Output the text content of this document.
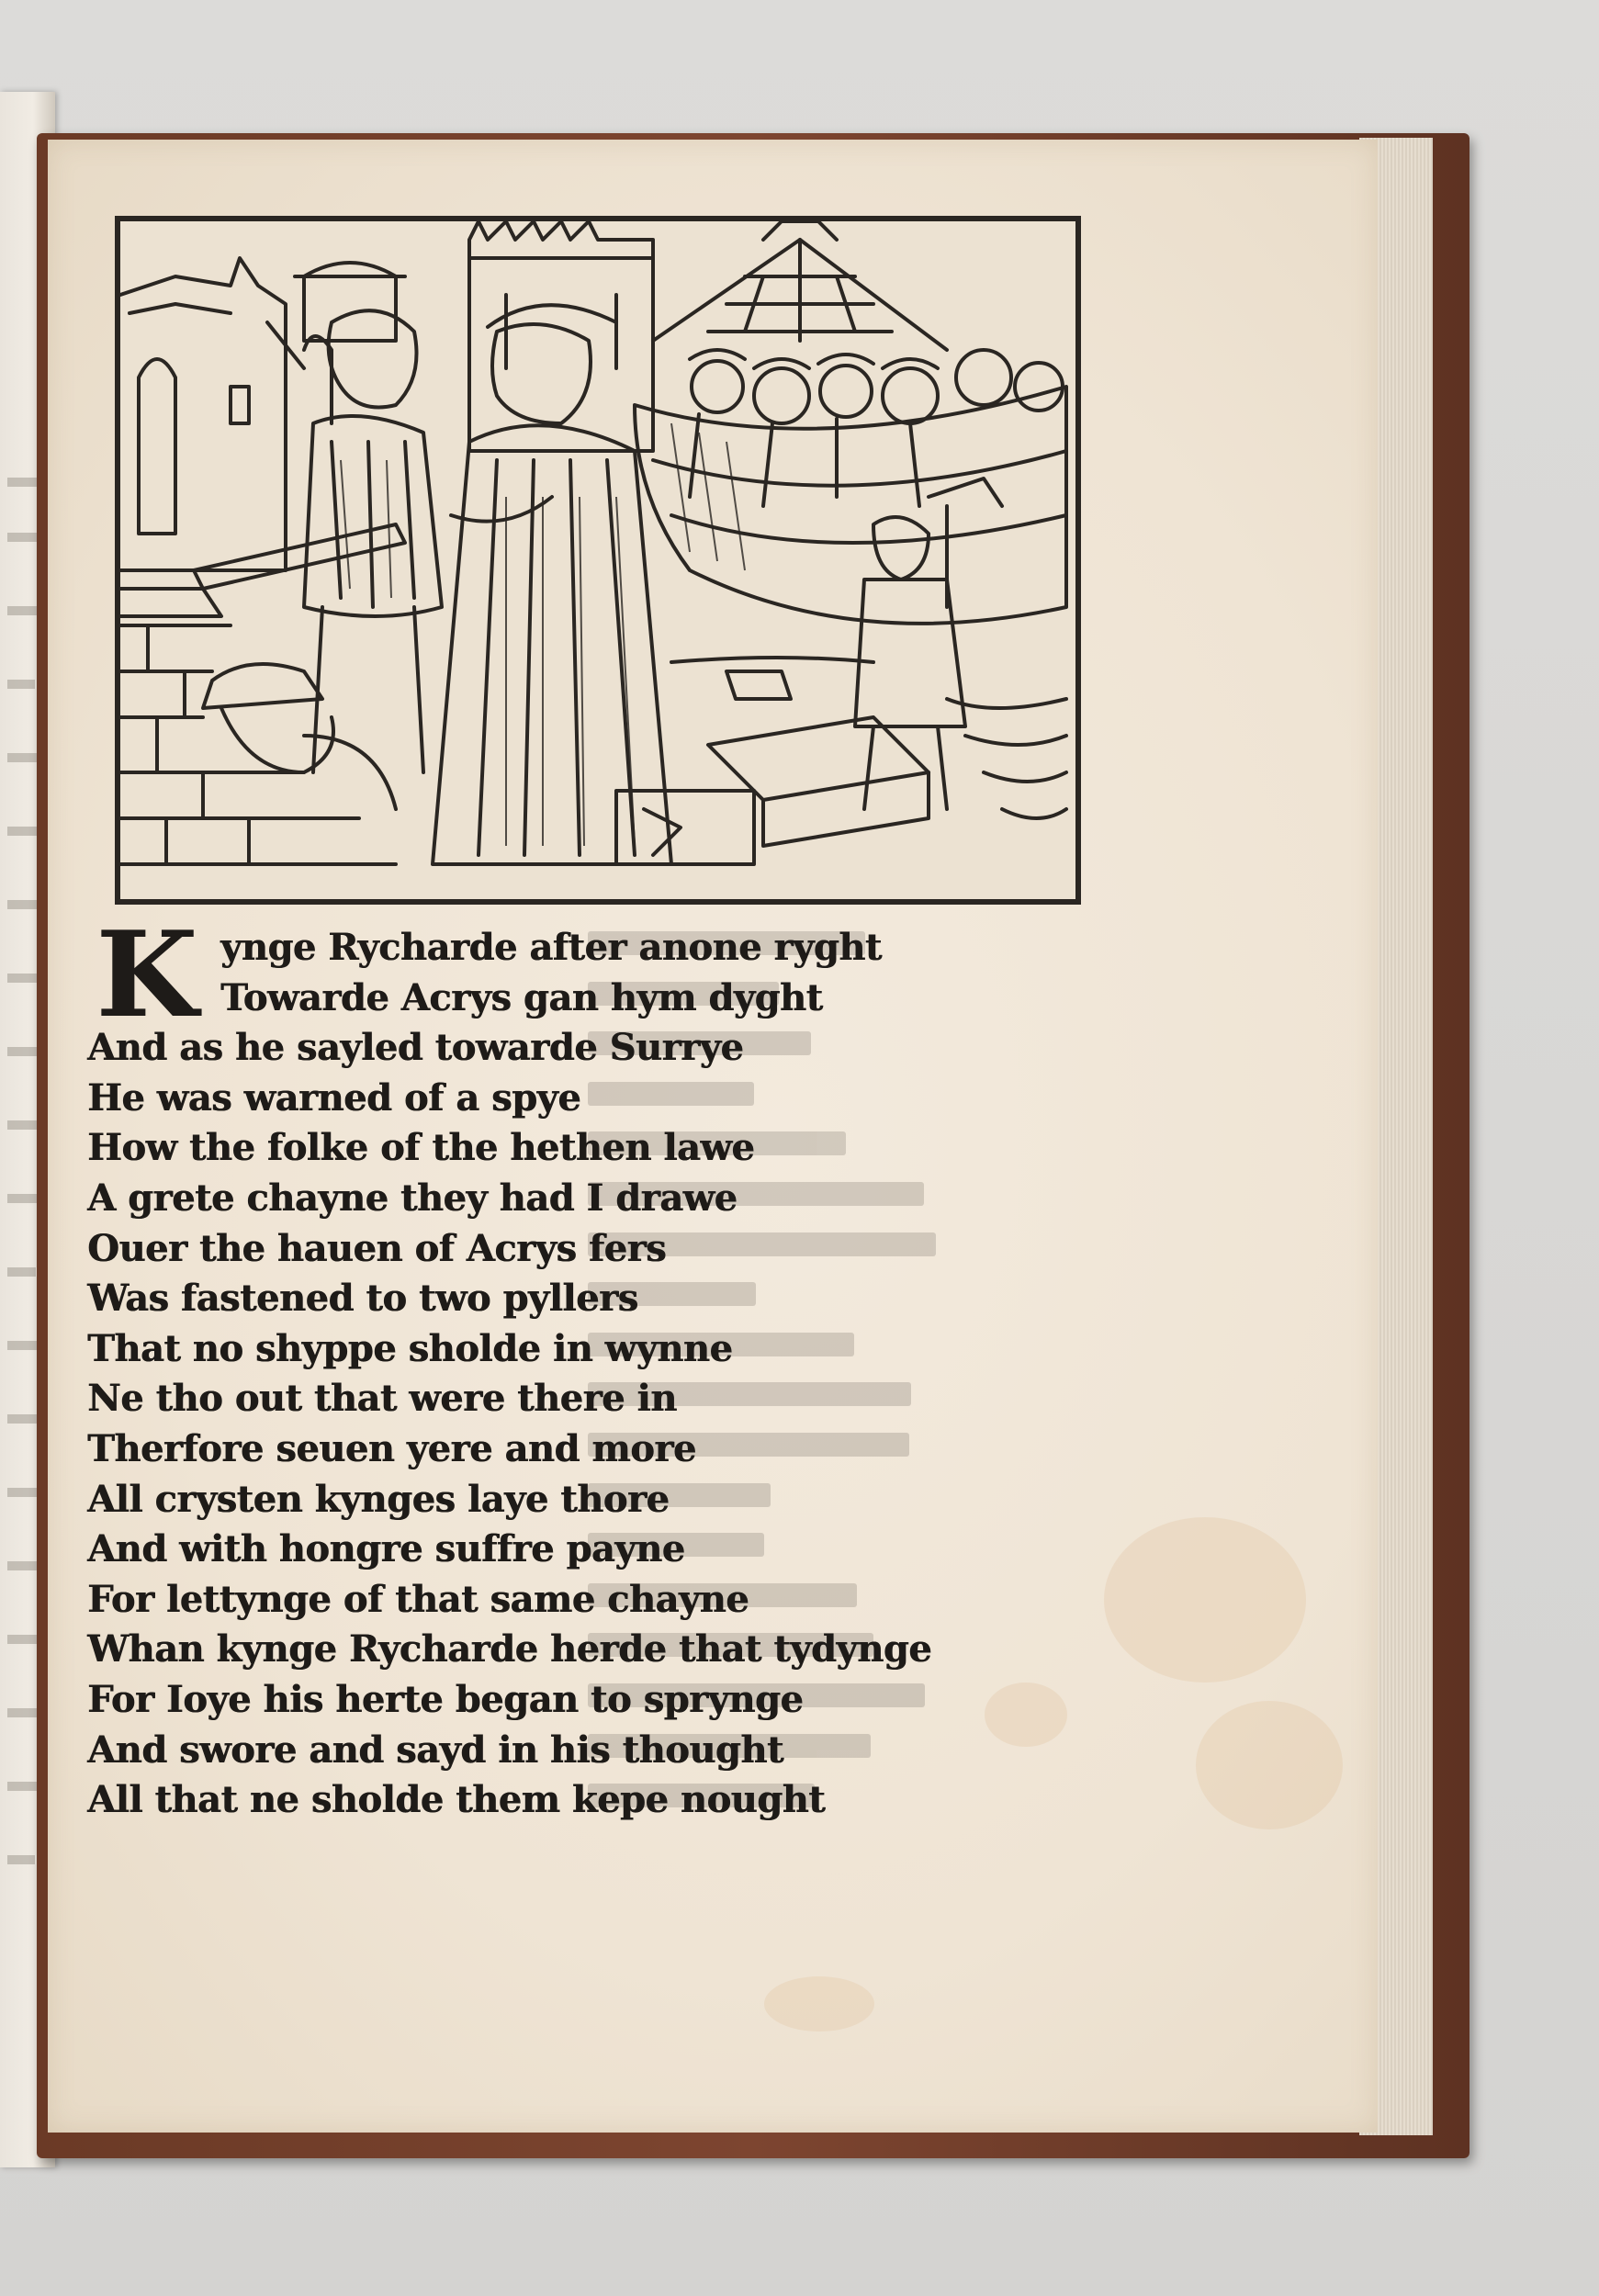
K ynge Rycharde after anone ryght
Towarde Acrys gan hym dyght
And as he sayled towarde Surrye
He was warned of a spye
How the folke of the hethen lawe
A grete chayne they had I drawe
Ouer the hauen of Acrys fers
Was fastened to two pyllers
That no shyppe sholde in wynne
Ne tho out that were there in
Therfore seuen yere and more
All crysten kynges laye thore
And with hongre suffre payne
For lettynge of that same chayne
Whan kynge Rycharde herde that tydynge
For Ioye his herte began to sprynge
And swore and sayd in his thought
All that ne sholde them kepe nought
